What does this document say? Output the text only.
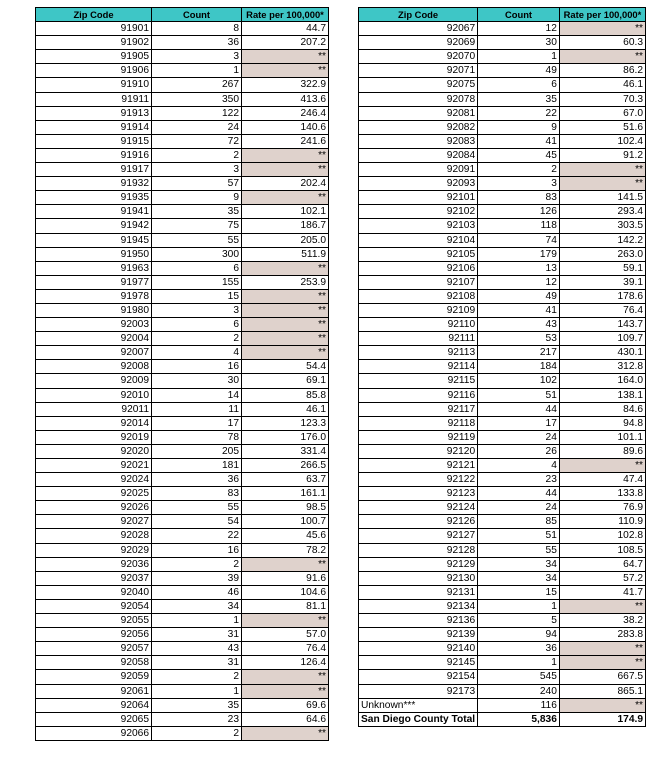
Zip Code	Count	Rate per 100,000*
91901	8	44.7
91902	36	207.2
91905	3	**
91906	1	**
91910	267	322.9
91911	350	413.6
91913	122	246.4
91914	24	140.6
91915	72	241.6
91916	2	**
91917	3	**
91932	57	202.4
91935	9	**
91941	35	102.1
91942	75	186.7
91945	55	205.0
91950	300	511.9
91963	6	**
91977	155	253.9
91978	15	**
91980	3	**
92003	6	**
92004	2	**
92007	4	**
92008	16	54.4
92009	30	69.1
92010	14	85.8
92011	11	46.1
92014	17	123.3
92019	78	176.0
92020	205	331.4
92021	181	266.5
92024	36	63.7
92025	83	161.1
92026	55	98.5
92027	54	100.7
92028	22	45.6
92029	16	78.2
92036	2	**
92037	39	91.6
92040	46	104.6
92054	34	81.1
92055	1	**
92056	31	57.0
92057	43	76.4
92058	31	126.4
92059	2	**
92061	1	**
92064	35	69.6
92065	23	64.6
92066	2	**
Zip Code	Count	Rate per 100,000*
92067	12	**
92069	30	60.3
92070	1	**
92071	49	86.2
92075	6	46.1
92078	35	70.3
92081	22	67.0
92082	9	51.6
92083	41	102.4
92084	45	91.2
92091	2	**
92093	3	**
92101	83	141.5
92102	126	293.4
92103	118	303.5
92104	74	142.2
92105	179	263.0
92106	13	59.1
92107	12	39.1
92108	49	178.6
92109	41	76.4
92110	43	143.7
92111	53	109.7
92113	217	430.1
92114	184	312.8
92115	102	164.0
92116	51	138.1
92117	44	84.6
92118	17	94.8
92119	24	101.1
92120	26	89.6
92121	4	**
92122	23	47.4
92123	44	133.8
92124	24	76.9
92126	85	110.9
92127	51	102.8
92128	55	108.5
92129	34	64.7
92130	34	57.2
92131	15	41.7
92134	1	**
92136	5	38.2
92139	94	283.8
92140	36	**
92145	1	**
92154	545	667.5
92173	240	865.1
Unknown***	116	**
San Diego County Total	5,836	174.9
